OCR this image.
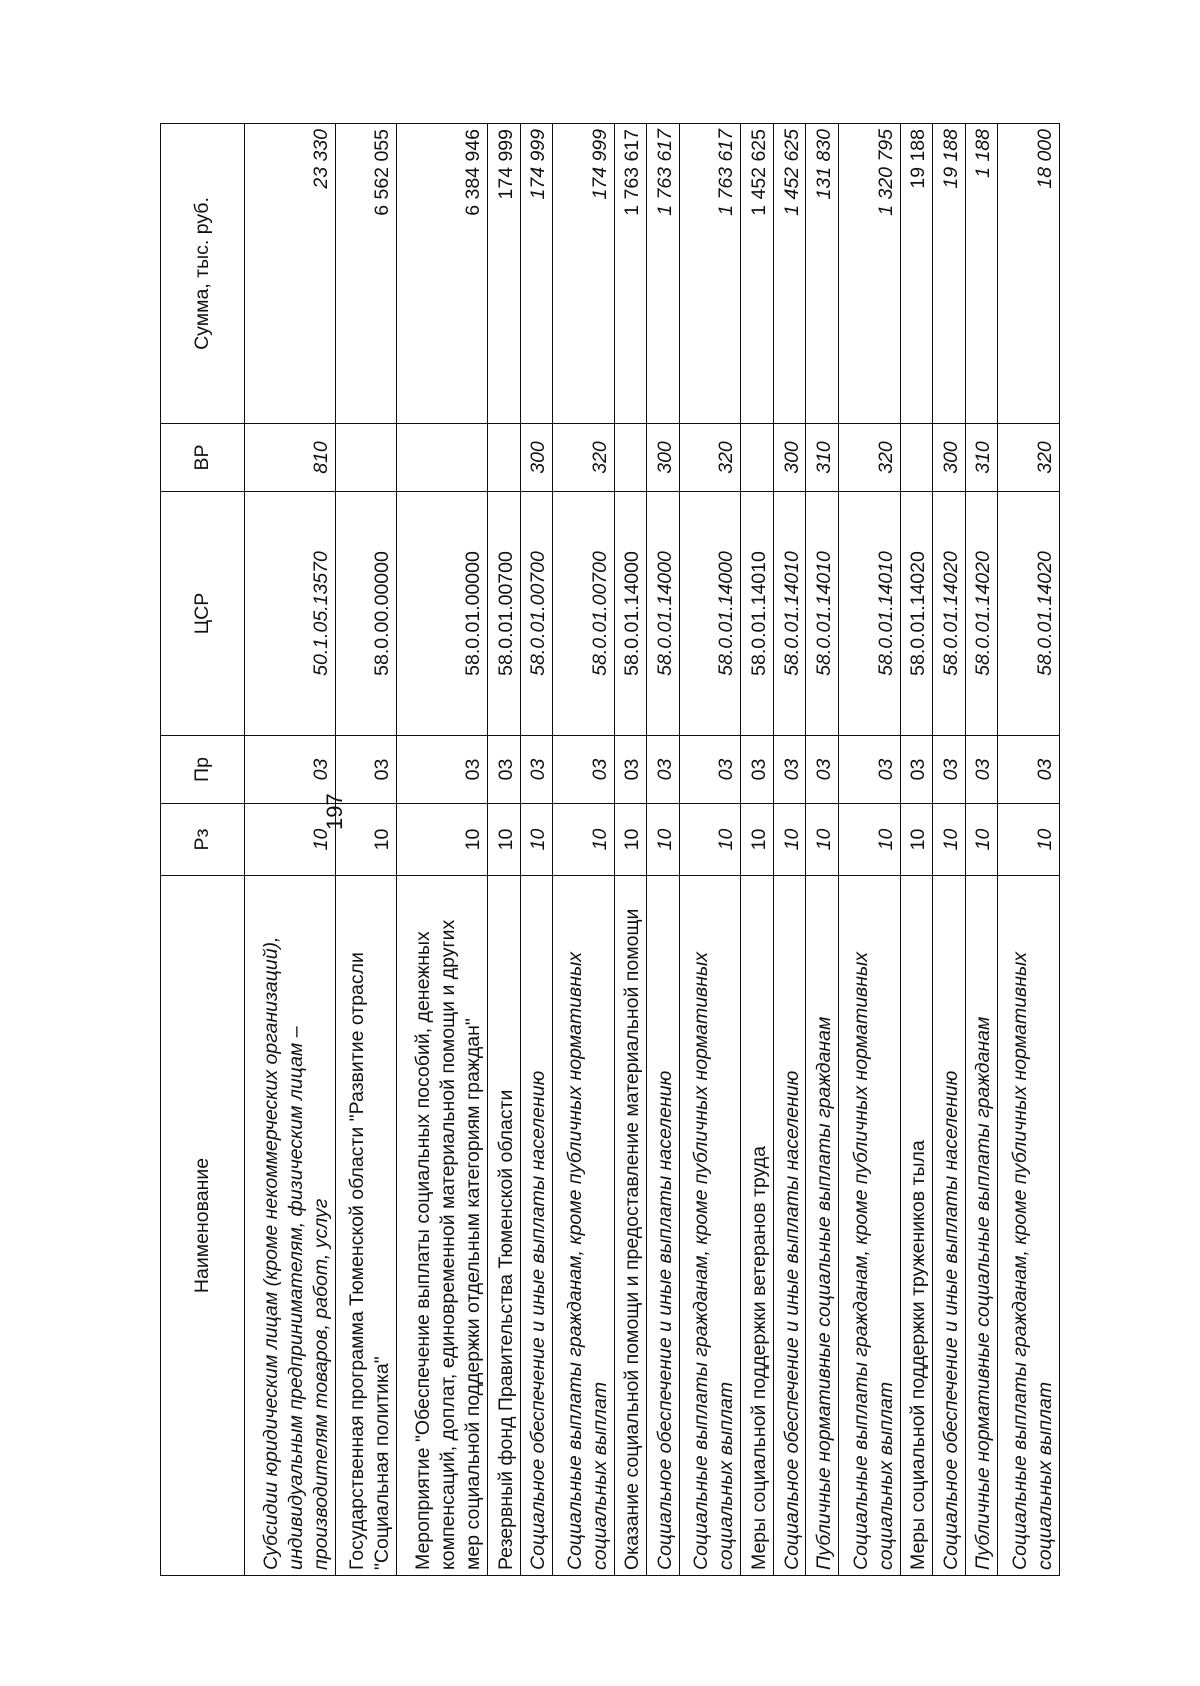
197
Наименование	Рз	Пр	ЦСР	ВР	Сумма, тыс. руб.
Субсидии юридическим лицам (кроме некоммерческих организаций), индивидуальным предпринимателям, физическим лицам – производителям товаров, работ, услуг	10	03	50.1.05.13570	810	23 330
Государственная программа Тюменской области "Развитие отрасли "Социальная политика"	10	03	58.0.00.00000		6 562 055
Мероприятие "Обеспечение выплаты социальных пособий, денежных компенсаций, доплат, единовременной материальной помощи и других мер социальной поддержки отдельным категориям граждан"	10	03	58.0.01.00000		6 384 946
Резервный фонд Правительства Тюменской области	10	03	58.0.01.00700		174 999
Социальное обеспечение и иные выплаты населению	10	03	58.0.01.00700	300	174 999
Социальные выплаты гражданам, кроме публичных нормативных социальных выплат	10	03	58.0.01.00700	320	174 999
Оказание социальной помощи и предоставление материальной помощи	10	03	58.0.01.14000		1 763 617
Социальное обеспечение и иные выплаты населению	10	03	58.0.01.14000	300	1 763 617
Социальные выплаты гражданам, кроме публичных нормативных социальных выплат	10	03	58.0.01.14000	320	1 763 617
Меры социальной поддержки ветеранов труда	10	03	58.0.01.14010		1 452 625
Социальное обеспечение и иные выплаты населению	10	03	58.0.01.14010	300	1 452 625
Публичные нормативные социальные выплаты гражданам	10	03	58.0.01.14010	310	131 830
Социальные выплаты гражданам, кроме публичных нормативных социальных выплат	10	03	58.0.01.14010	320	1 320 795
Меры социальной поддержки тружеников тыла	10	03	58.0.01.14020		19 188
Социальное обеспечение и иные выплаты населению	10	03	58.0.01.14020	300	19 188
Публичные нормативные социальные выплаты гражданам	10	03	58.0.01.14020	310	1 188
Социальные выплаты гражданам, кроме публичных нормативных социальных выплат	10	03	58.0.01.14020	320	18 000
